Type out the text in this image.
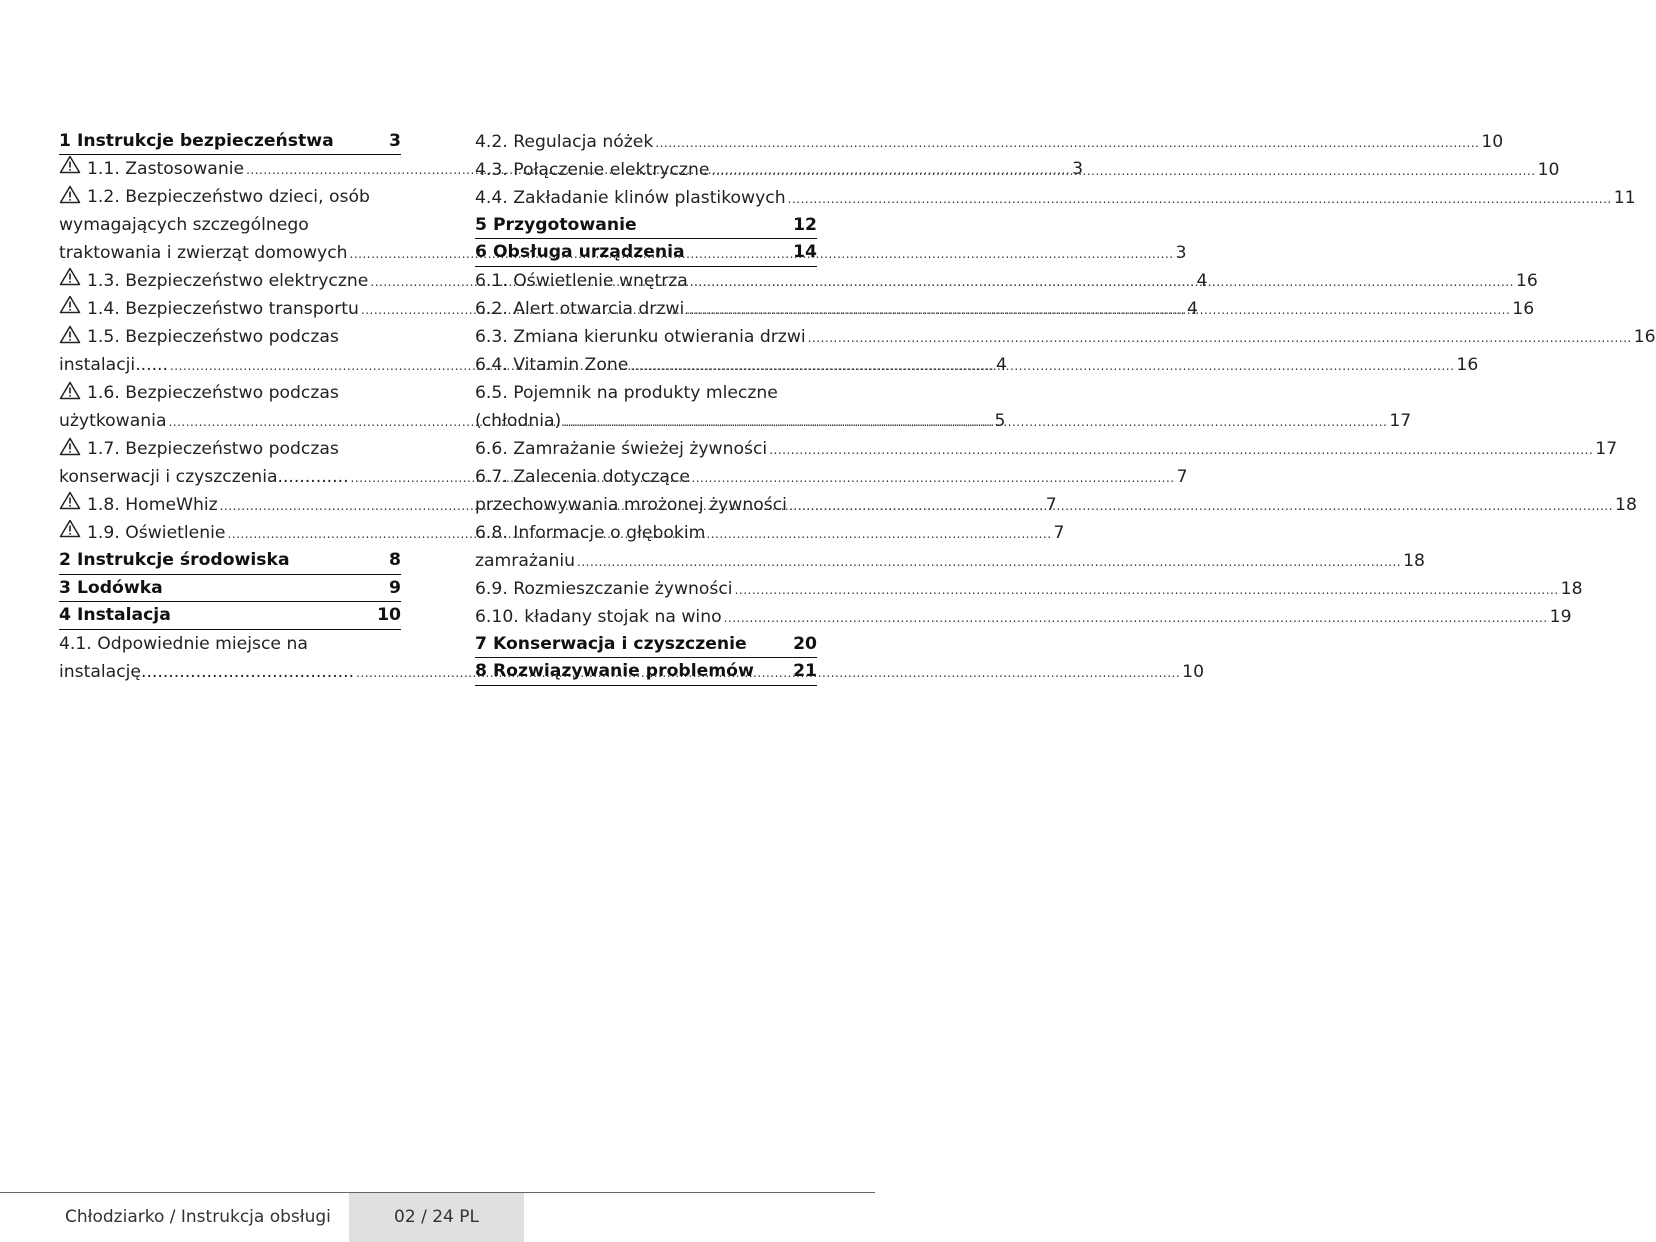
1 Instrukcje bezpieczeństwa	3
1.1. Zastosowanie .....	3
1.2. Bezpieczeństwo dzieci, osób
wymagających szczególnego
traktowania i zwierząt domowych .....	3
1.3. Bezpieczeństwo elektryczne .....	4
1.4. Bezpieczeństwo transportu .....	4
1.5. Bezpieczeństwo podczas
instalacji...... .....	4
1.6. Bezpieczeństwo podczas
użytkowania .....	5
1.7. Bezpieczeństwo podczas
konserwacji i czyszczenia............. .....	7
1.8. HomeWhiz .....	7
1.9. Oświetlenie .....	7
2 Instrukcje środowiska	8
3 Lodówka	9
4 Instalacja	10
4.1. Odpowiednie miejsce na
instalację....................................... .....	10
4.2. Regulacja nóżek .....	10
4.3. Połączenie elektryczne .....	10
4.4. Zakładanie klinów plastikowych .....	11
5 Przygotowanie	12
6 Obsługa urządzenia	14
6.1. Oświetlenie wnętrza .....	16
6.2. Alert otwarcia drzwi .....	16
6.3. Zmiana kierunku otwierania drzwi .....	16
6.4. Vitamin Zone .....	16
6.5. Pojemnik na produkty mleczne
(chłodnia) .....	17
6.6. Zamrażanie świeżej żywności .....	17
6.7. Zalecenia dotyczące
przechowywania mrożonej żywności .....	18
6.8. Informacje o głębokim
zamrażaniu .....	18
6.9. Rozmieszczanie żywności .....	18
6.10. kładany stojak na wino .....	19
7 Konserwacja i czyszczenie	20
8 Rozwiązywanie problemów 21
Chłodziarko / Instrukcja obsługi	02 / 24 PL
